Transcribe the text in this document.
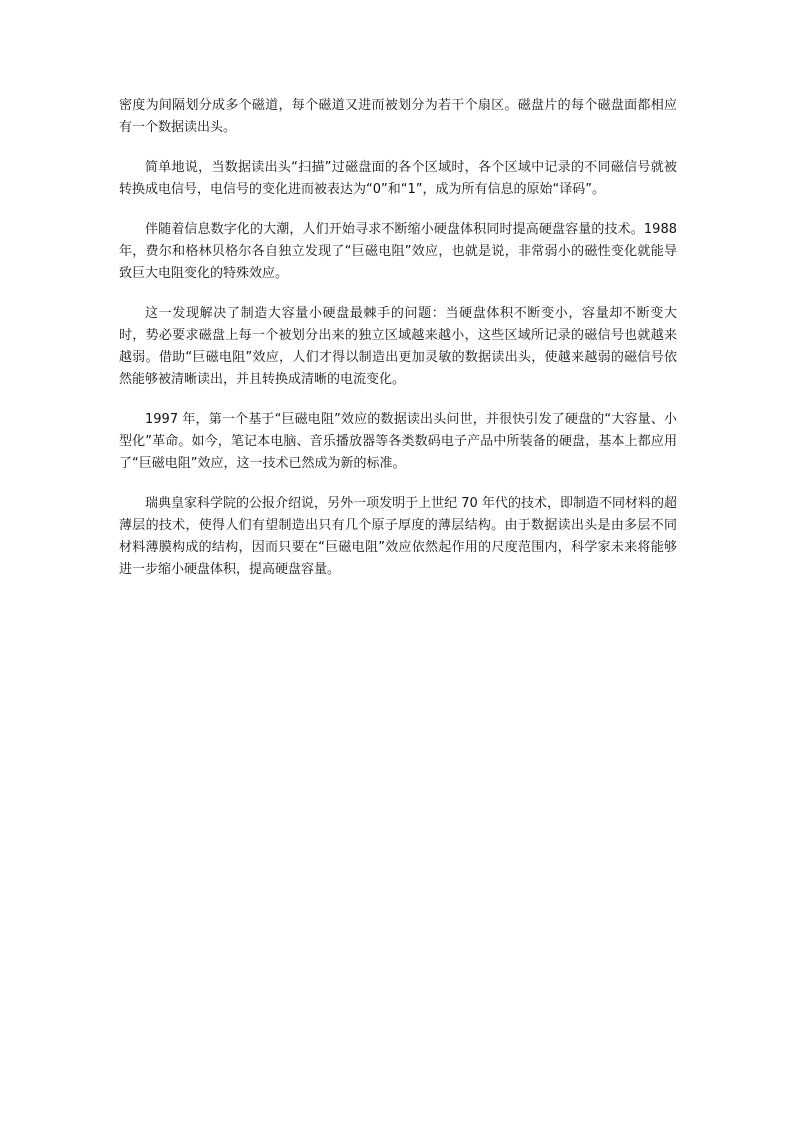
密度为间隔划分成多个磁道，每个磁道又进而被划分为若干个扇区。磁盘片的每个磁盘面都相应有一个数据读出头。

简单地说，当数据读出头“扫描”过磁盘面的各个区域时，各个区域中记录的不同磁信号就被转换成电信号，电信号的变化进而被表达为“0”和“1”，成为所有信息的原始“译码”。

伴随着信息数字化的大潮，人们开始寻求不断缩小硬盘体积同时提高硬盘容量的技术。1988 年，费尔和格林贝格尔各自独立发现了“巨磁电阻”效应，也就是说，非常弱小的磁性变化就能导致巨大电阻变化的特殊效应。

这一发现解决了制造大容量小硬盘最棘手的问题：当硬盘体积不断变小，容量却不断变大时，势必要求磁盘上每一个被划分出来的独立区域越来越小，这些区域所记录的磁信号也就越来越弱。借助“巨磁电阻”效应，人们才得以制造出更加灵敏的数据读出头，使越来越弱的磁信号依然能够被清晰读出，并且转换成清晰的电流变化。

1997 年，第一个基于“巨磁电阻”效应的数据读出头问世，并很快引发了硬盘的“大容量、小型化”革命。如今，笔记本电脑、音乐播放器等各类数码电子产品中所装备的硬盘，基本上都应用了“巨磁电阻”效应，这一技术已然成为新的标准。

瑞典皇家科学院的公报介绍说，另外一项发明于上世纪 70 年代的技术，即制造不同材料的超薄层的技术，使得人们有望制造出只有几个原子厚度的薄层结构。由于数据读出头是由多层不同材料薄膜构成的结构，因而只要在“巨磁电阻”效应依然起作用的尺度范围内，科学家未来将能够进一步缩小硬盘体积，提高硬盘容量。
